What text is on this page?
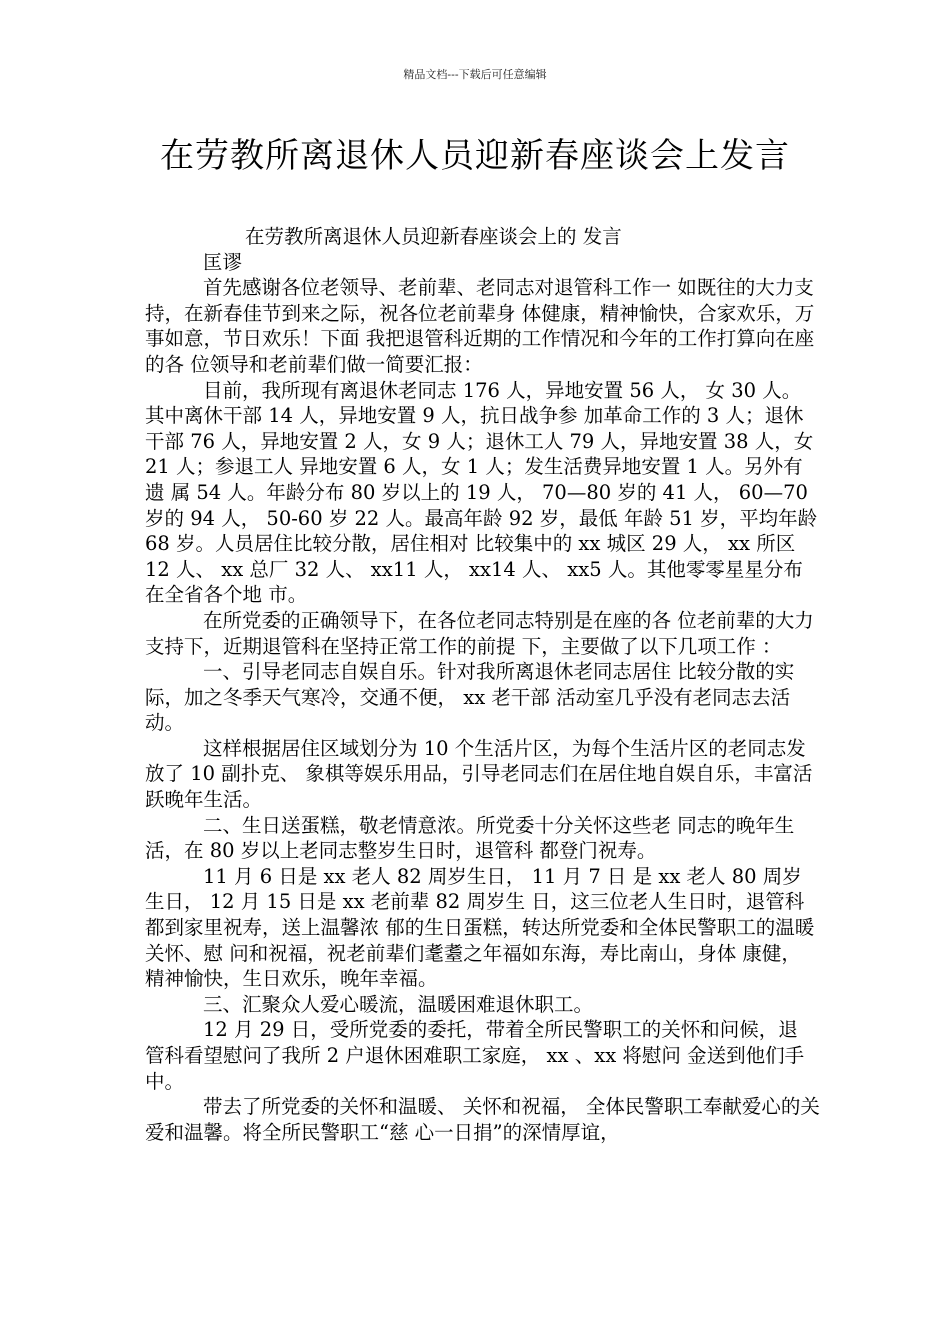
精品文档---下载后可任意编辑
在劳教所离退休人员迎新春座谈会上发言

在劳教所离退休人员迎新春座谈会上的 发言

匡谬

首先感谢各位老领导、老前辈、老同志对退管科工作一 如既往的大力支持，在新春佳节到来之际，祝各位老前辈身 体健康，精神愉快，合家欢乐，万事如意，节日欢乐！下面 我把退管科近期的工作情况和今年的工作打算向在座的各 位领导和老前辈们做一简要汇报：

目前，我所现有离退休老同志 176 人，异地安置 56 人， 女 30 人。其中离休干部 14 人，异地安置 9 人，抗日战争参 加革命工作的 3 人；退休干部 76 人，异地安置 2 人，女 9 人；退休工人 79 人，异地安置 38 人，女 21 人；参退工人 异地安置 6 人，女 1 人；发生活费异地安置 1 人。另外有遗 属 54 人。年龄分布 80 岁以上的 19 人， 70—80 岁的 41 人， 60—70 岁的 94 人， 50-60 岁 22 人。最高年龄 92 岁，最低 年龄 51 岁，平均年龄 68 岁。人员居住比较分散，居住相对 比较集中的 xx 城区 29 人， xx 所区 12 人、 xx 总厂 32 人、 xx11 人， xx14 人、 xx5 人。其他零零星星分布在全省各个地 市。

在所党委的正确领导下，在各位老同志特别是在座的各 位老前辈的大力支持下，近期退管科在坚持正常工作的前提 下，主要做了以下几项工作 ：

一、引导老同志自娱自乐。针对我所离退休老同志居住 比较分散的实际，加之冬季天气寒冷，交通不便， xx 老干部 活动室几乎没有老同志去活动。

这样根据居住区域划分为 10 个生活片区，为每个生活片区的老同志发放了 10 副扑克、 象棋等娱乐用品，引导老同志们在居住地自娱自乐，丰富活 跃晚年生活。

二、生日送蛋糕，敬老情意浓。所党委十分关怀这些老 同志的晚年生活，在 80 岁以上老同志整岁生日时，退管科 都登门祝寿。

11 月 6 日是 xx 老人 82 周岁生日， 11 月 7 日 是 xx 老人 80 周岁生日， 12 月 15 日是 xx 老前辈 82 周岁生 日，这三位老人生日时，退管科都到家里祝寿，送上温馨浓 郁的生日蛋糕，转达所党委和全体民警职工的温暖关怀、慰 问和祝福，祝老前辈们耄耋之年福如东海，寿比南山，身体 康健，精神愉快，生日欢乐，晚年幸福。

三、汇聚众人爱心暖流，温暖困难退休职工。

12 月 29 日，受所党委的委托，带着全所民警职工的关怀和问候，退 管科看望慰问了我所 2 户退休困难职工家庭， xx 、xx 将慰问 金送到他们手中。

带去了所党委的关怀和温暖、 关怀和祝福， 全体民警职工奉献爱心的关爱和温馨。将全所民警职工“慈 心一日捐”的深情厚谊，
